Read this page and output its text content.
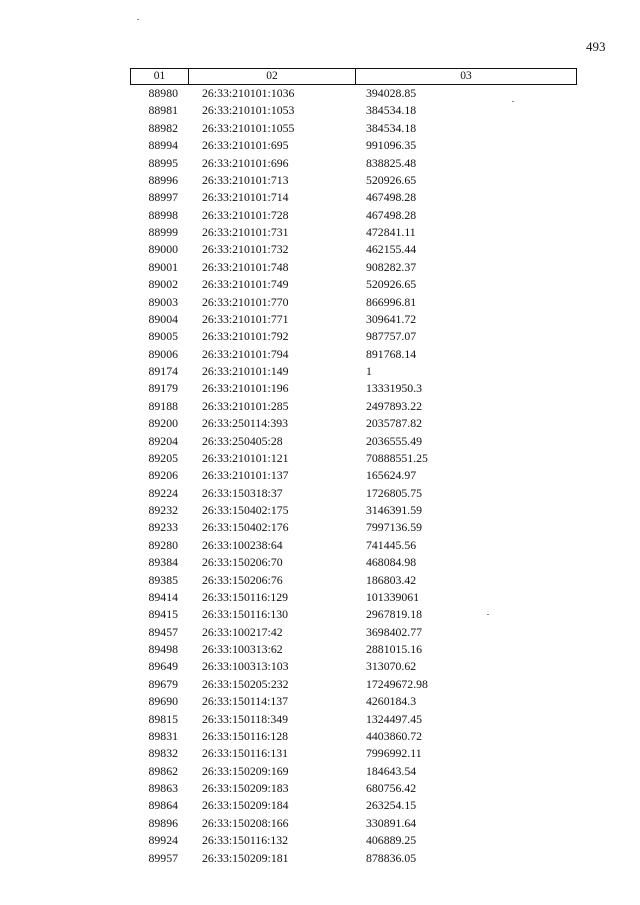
493
01	02	03
88980	26:33:210101:1036	394028.85
88981	26:33:210101:1053	384534.18
88982	26:33:210101:1055	384534.18
88994	26:33:210101:695	991096.35
88995	26:33:210101:696	838825.48
88996	26:33:210101:713	520926.65
88997	26:33:210101:714	467498.28
88998	26:33:210101:728	467498.28
88999	26:33:210101:731	472841.11
89000	26:33:210101:732	462155.44
89001	26:33:210101:748	908282.37
89002	26:33:210101:749	520926.65
89003	26:33:210101:770	866996.81
89004	26:33:210101:771	309641.72
89005	26:33:210101:792	987757.07
89006	26:33:210101:794	891768.14
89174	26:33:210101:149	1
89179	26:33:210101:196	13331950.3
89188	26:33:210101:285	2497893.22
89200	26:33:250114:393	2035787.82
89204	26:33:250405:28	2036555.49
89205	26:33:210101:121	70888551.25
89206	26:33:210101:137	165624.97
89224	26:33:150318:37	1726805.75
89232	26:33:150402:175	3146391.59
89233	26:33:150402:176	7997136.59
89280	26:33:100238:64	741445.56
89384	26:33:150206:70	468084.98
89385	26:33:150206:76	186803.42
89414	26:33:150116:129	101339061
89415	26:33:150116:130	2967819.18
89457	26:33:100217:42	3698402.77
89498	26:33:100313:62	2881015.16
89649	26:33:100313:103	313070.62
89679	26:33:150205:232	17249672.98
89690	26:33:150114:137	4260184.3
89815	26:33:150118:349	1324497.45
89831	26:33:150116:128	4403860.72
89832	26:33:150116:131	7996992.11
89862	26:33:150209:169	184643.54
89863	26:33:150209:183	680756.42
89864	26:33:150209:184	263254.15
89896	26:33:150208:166	330891.64
89924	26:33:150116:132	406889.25
89957	26:33:150209:181	878836.05
